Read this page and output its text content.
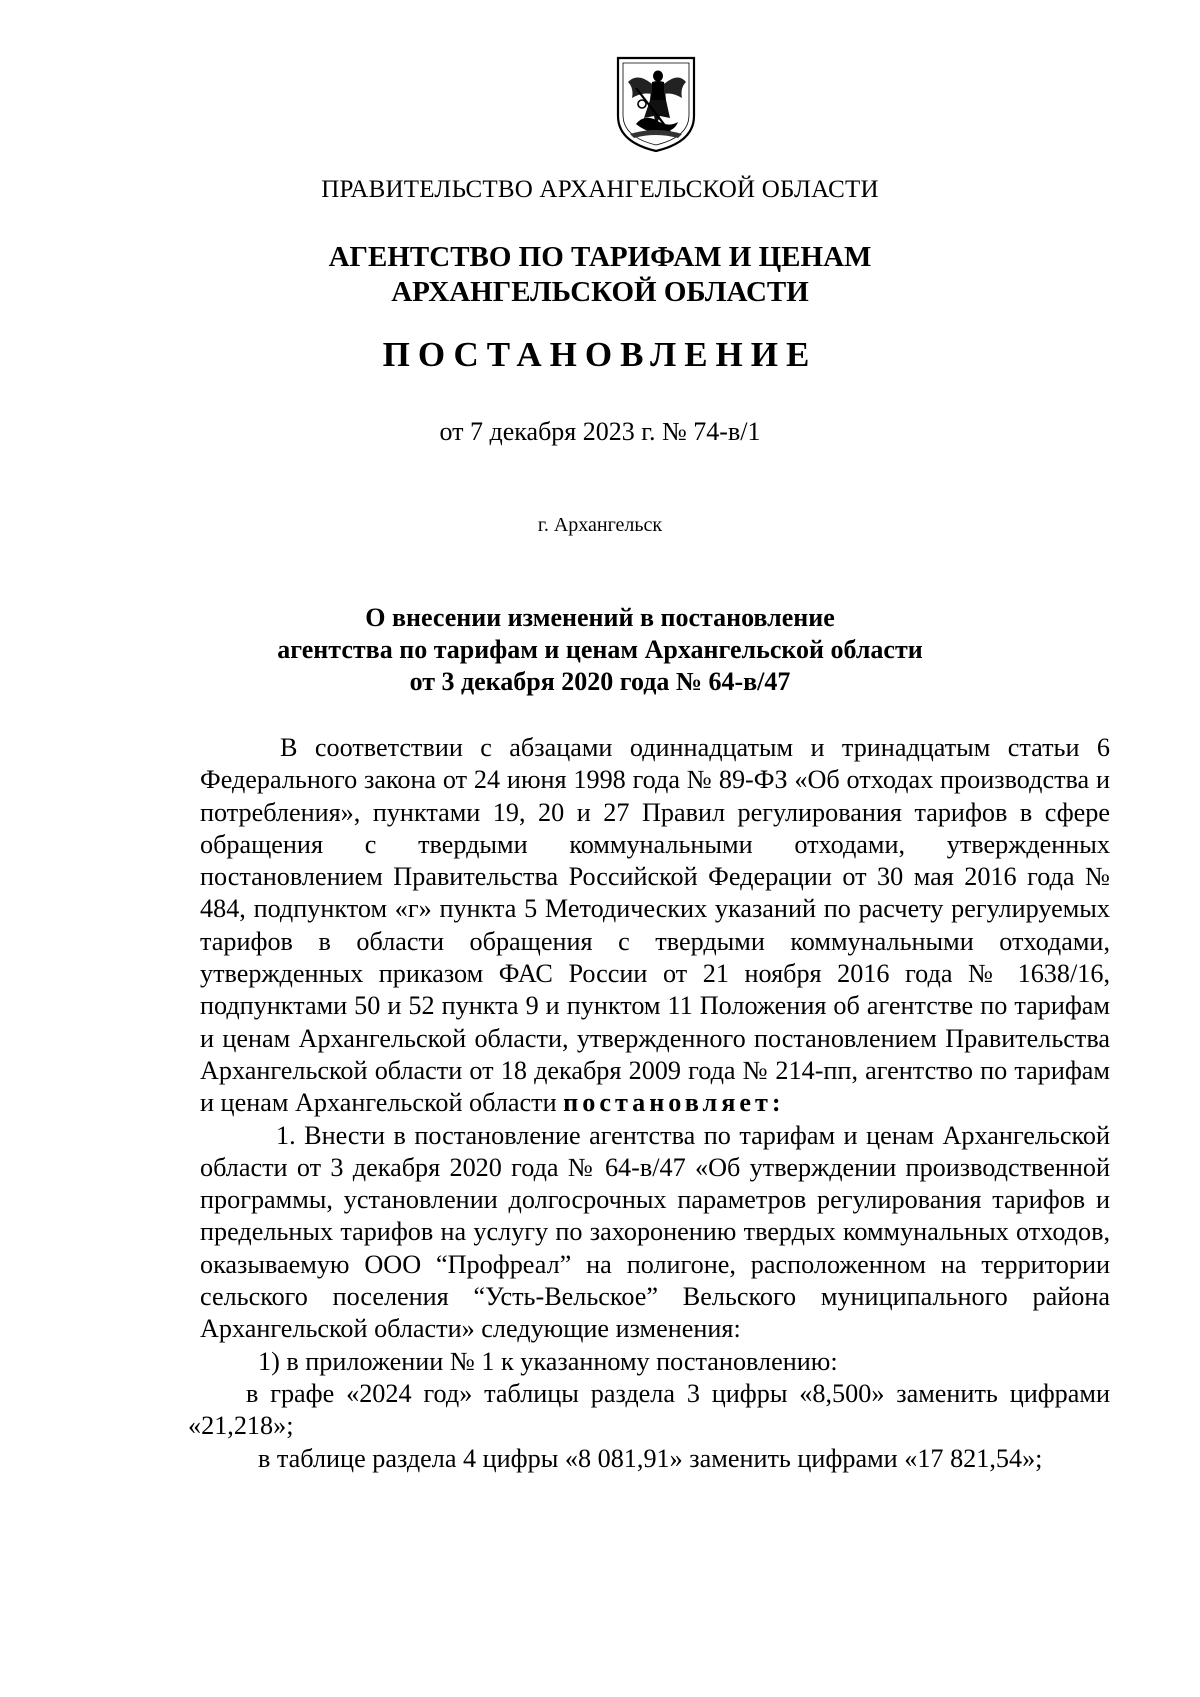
ПРАВИТЕЛЬСТВО АРХАНГЕЛЬСКОЙ ОБЛАСТИ
АГЕНТСТВО ПО ТАРИФАМ И ЦЕНАМ
АРХАНГЕЛЬСКОЙ ОБЛАСТИ
ПОСТАНОВЛЕНИЕ
от 7 декабря 2023 г. № 74-в/1
г. Архангельск
О внесении изменений в постановление
агентства по тарифам и ценам Архангельской области
от 3 декабря 2020 года № 64-в/47

В соответствии с абзацами одиннадцатым и тринадцатым статьи 6 Федерального закона от 24 июня 1998 года № 89-ФЗ «Об отходах производства и потребления», пунктами 19, 20 и 27 Правил регулирования тарифов в сфере обращения с твердыми коммунальными отходами, утвержденных постановлением Правительства Российской Федерации от 30 мая 2016 года № 484, подпунктом «г» пункта 5 Методических указаний по расчету регулируемых тарифов в области обращения с твердыми коммунальными отходами, утвержденных приказом ФАС России от 21 ноября 2016 года № 1638/16, подпунктами 50 и 52 пункта 9 и пунктом 11 Положения об агентстве по тарифам и ценам Архангельской области, утвержденного постановлением Правительства Архангельской области от 18 декабря 2009 года № 214-пп, агентство по тарифам и ценам Архангельской области постановляет:

1. Внести в постановление агентства по тарифам и ценам Архангельской области от 3 декабря 2020 года № 64-в/47 «Об утверждении производственной программы, установлении долгосрочных параметров регулирования тарифов и предельных тарифов на услугу по захоронению твердых коммунальных отходов, оказываемую ООО “Профреал” на полигоне, расположенном на территории сельского поселения “Усть-Вельское” Вельского муниципального района Архангельской области» следующие изменения:

1) в приложении № 1 к указанному постановлению:

в графе «2024 год» таблицы раздела 3 цифры «8,500» заменить цифрами «21,218»;

в таблице раздела 4 цифры «8 081,91» заменить цифрами «17 821,54»;
